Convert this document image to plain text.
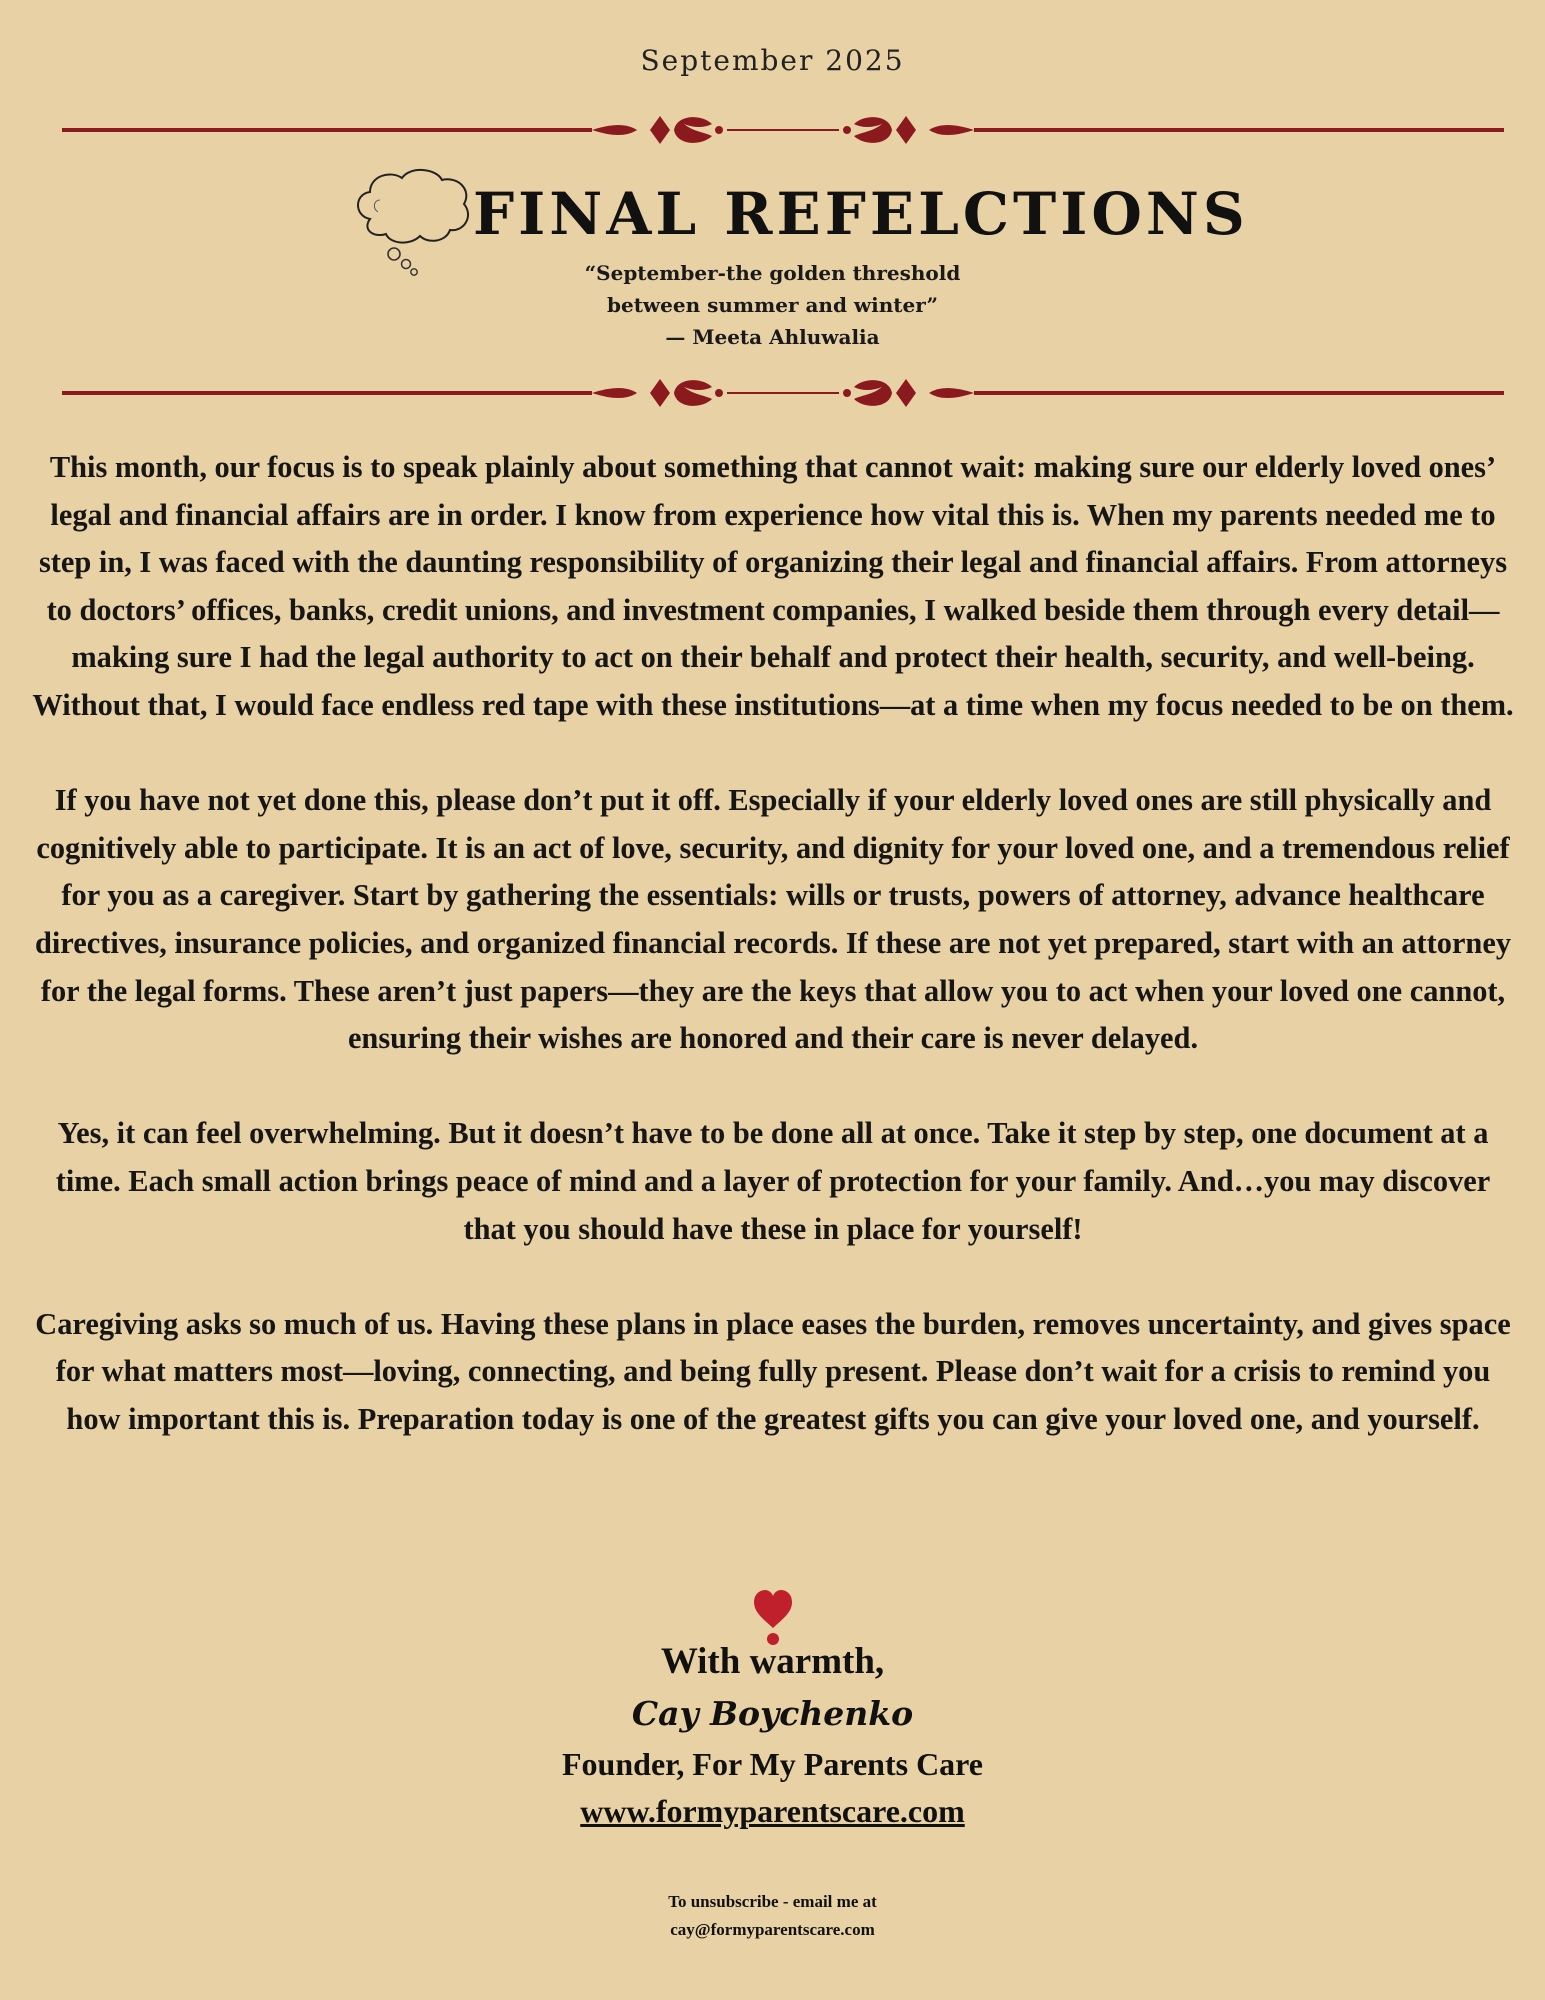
September 2025
FINAL REFELCTIONS
“September-the golden threshold
between summer and winter”
— Meeta Ahluwalia

This month, our focus is to speak plainly about something that cannot wait: making sure our elderly loved ones’ legal and financial affairs are in order. I know from experience how vital this is. When my parents needed me to step in, I was faced with the daunting responsibility of organizing their legal and financial affairs. From attorneys to doctors’ offices, banks, credit unions, and investment companies, I walked beside them through every detail—making sure I had the legal authority to act on their behalf and protect their health, security, and well-being. Without that, I would face endless red tape with these institutions—at a time when my focus needed to be on them.

If you have not yet done this, please don’t put it off. Especially if your elderly loved ones are still physically and cognitively able to participate. It is an act of love, security, and dignity for your loved one, and a tremendous relief for you as a caregiver. Start by gathering the essentials: wills or trusts, powers of attorney, advance healthcare directives, insurance policies, and organized financial records. If these are not yet prepared, start with an attorney for the legal forms. These aren’t just papers—they are the keys that allow you to act when your loved one cannot, ensuring their wishes are honored and their care is never delayed.

Yes, it can feel overwhelming. But it doesn’t have to be done all at once. Take it step by step, one document at a time. Each small action brings peace of mind and a layer of protection for your family. And…you may discover that you should have these in place for yourself!

Caregiving asks so much of us. Having these plans in place eases the burden, removes uncertainty, and gives space for what matters most—loving, connecting, and being fully present. Please don’t wait for a crisis to remind you how important this is. Preparation today is one of the greatest gifts you can give your loved one, and yourself.

With warmth,
Cay Boychenko
Founder, For My Parents Care
www.formyparentscare.com
To unsubscribe - email me at
cay@formyparentscare.com
